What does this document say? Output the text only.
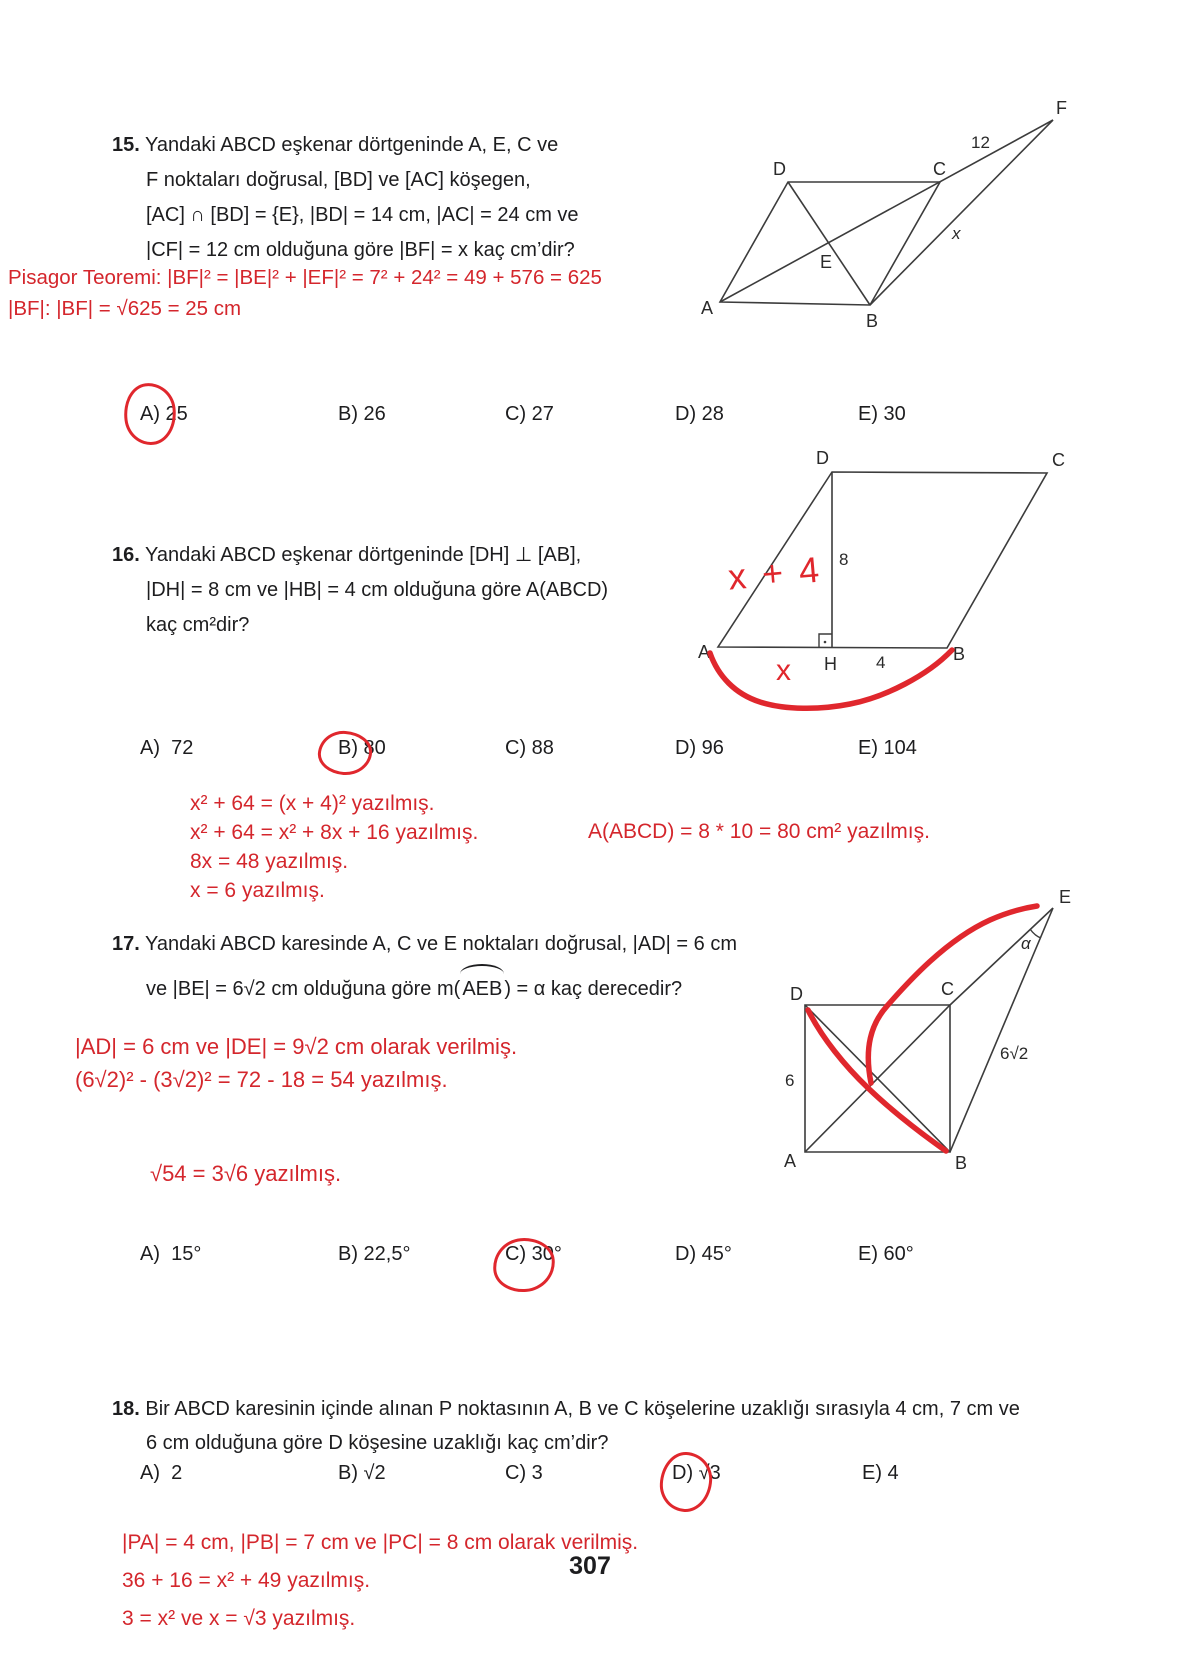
15. Yandaki ABCD eşkenar dörtgeninde A, E, C ve
F noktaları doğrusal, [BD] ve [AC] köşegen,
[AC] ∩ [BD] = {E}, |BD| = 14 cm, |AC| = 24 cm ve
|CF| = 12 cm olduğuna göre |BF| = x kaç cm’dir?
Pisagor Teoremi: |BF|² = |BE|² + |EF|² = 7² + 24² = 49 + 576 = 625
|BF|: |BF| = √625 = 25 cm	A
B
C
D
E
F
12
x
A) 25	B) 26	C) 27	D) 28	E) 30
16. Yandaki ABCD eşkenar dörtgeninde [DH] ⊥ [AB],
|DH| = 8 cm ve |HB| = 4 cm olduğuna göre A(ABCD)
kaç cm²dir?
A	B
C
D
H
8
4
x + 4
x
A)  72	B) 80	C) 88	D) 96	E) 104
x² + 64 = (x + 4)² yazılmış.
x² + 64 = x² + 8x + 16 yazılmış.
8x = 48 yazılmış.
x = 6 yazılmış.
A(ABCD) = 8 * 10 = 80 cm² yazılmış.
17. Yandaki ABCD karesinde A, C ve E noktaları doğrusal, |AD| = 6 cm
ve |BE| = 6√2 cm olduğuna göre m( AEB ) = α kaç derecedir?
|AD| = 6 cm ve |DE| = 9√2 cm olarak verilmiş.
(6√2)² - (3√2)² = 72 - 18 = 54 yazılmış.
√54 = 3√6 yazılmış.
D	C
A	B
E
α
6√2
6
A)  15°	B) 22,5°	C) 30°	D) 45°	E) 60°
18. Bir ABCD karesinin içinde alınan P noktasının A, B ve C köşelerine uzaklığı sırasıyla 4 cm, 7 cm ve
6 cm olduğuna göre D köşesine uzaklığı kaç cm’dir?
A)  2	B) √2	C) 3	D) √3	E) 4
|PA| = 4 cm, |PB| = 7 cm ve |PC| = 8 cm olarak verilmiş.
36 + 16 = x² + 49 yazılmış.
3 = x² ve x = √3 yazılmış.
307
